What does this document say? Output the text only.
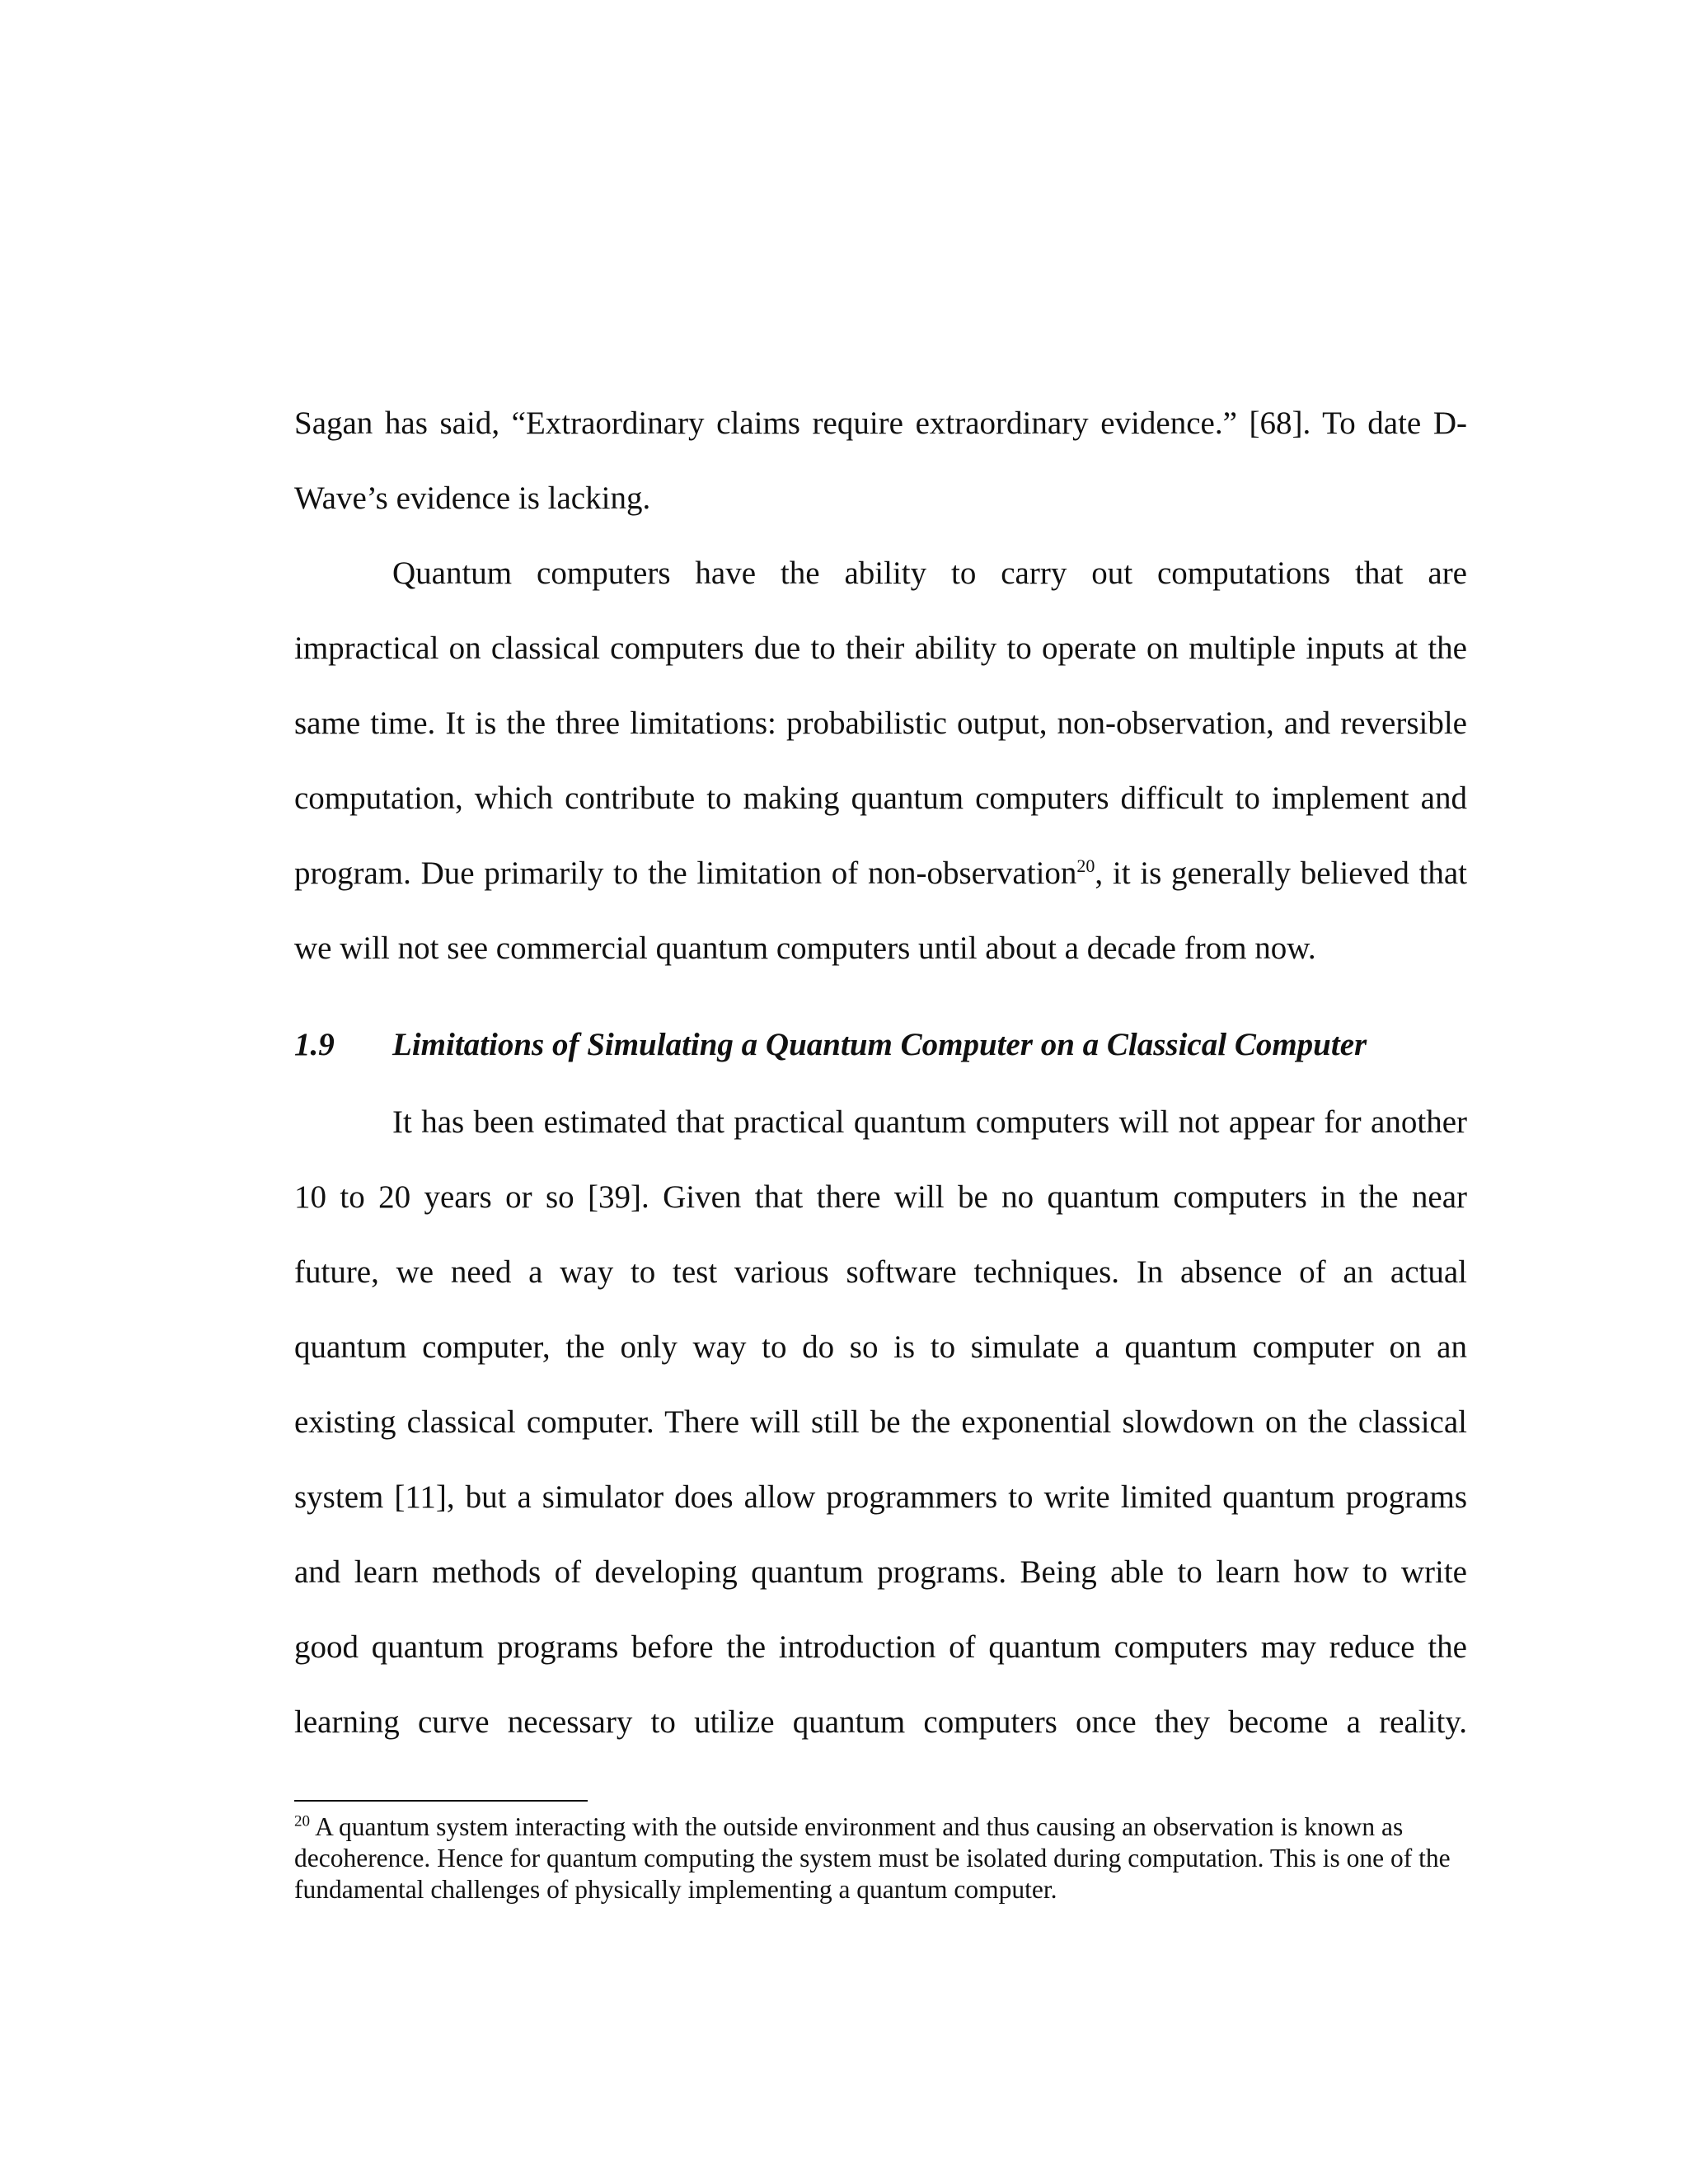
Sagan has said, “Extraordinary claims require extraordinary evidence.” [68]. To date D-
Wave’s evidence is lacking.

Quantum computers have the ability to carry out computations that are
impractical on classical computers due to their ability to operate on multiple inputs at the
same time. It is the three limitations: probabilistic output, non-observation, and reversible
computation, which contribute to making quantum computers difficult to implement and
program. Due primarily to the limitation of non-observation$^{20}$, it is generally believed that
we will not see commercial quantum computers until about a decade from now.

1.9 Limitations of Simulating a Quantum Computer on a Classical Computer

It has been estimated that practical quantum computers will not appear for another
10 to 20 years or so [39]. Given that there will be no quantum computers in the near
future, we need a way to test various software techniques. In absence of an actual
quantum computer, the only way to do so is to simulate a quantum computer on an
existing classical computer. There will still be the exponential slowdown on the classical
system [11], but a simulator does allow programmers to write limited quantum programs
and learn methods of developing quantum programs. Being able to learn how to write
good quantum programs before the introduction of quantum computers may reduce the
learning curve necessary to utilize quantum computers once they become a reality.

$^{20}$ A quantum system interacting with the outside environment and thus causing an observation is known as decoherence. Hence for quantum computing the system must be isolated during computation. This is one of the fundamental challenges of physically implementing a quantum computer.
